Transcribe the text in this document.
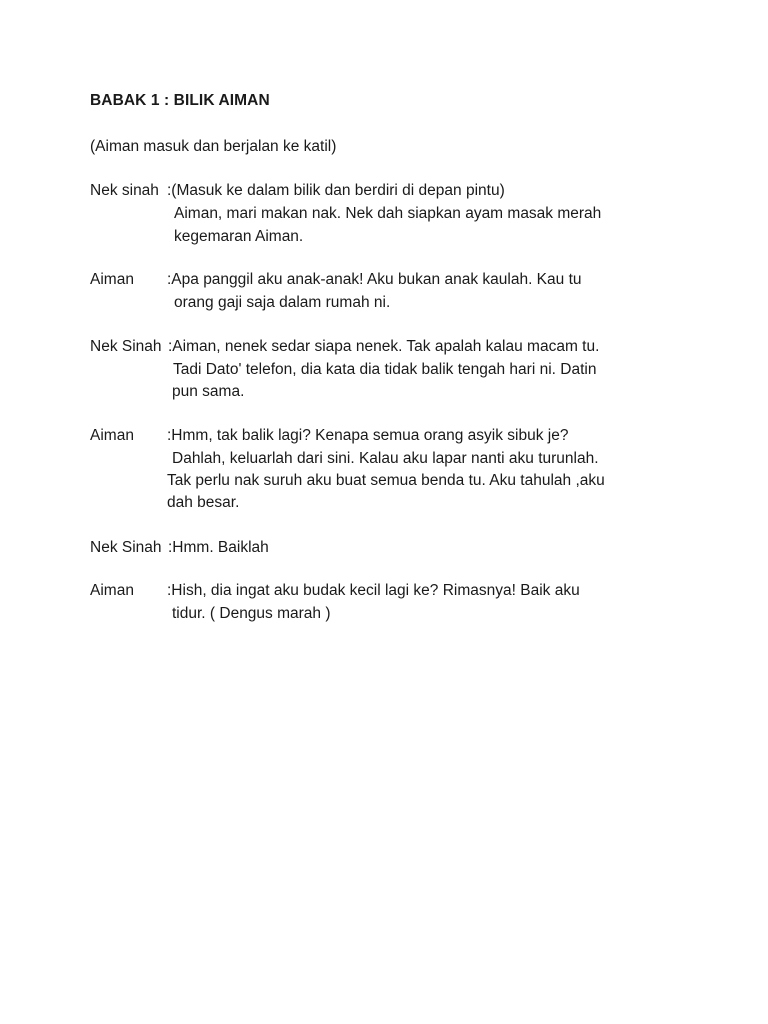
BABAK 1 : BILIK AIMAN
(Aiman masuk dan berjalan ke katil)
Nek sinah :(Masuk ke dalam bilik dan berdiri di depan pintu)
Aiman, mari makan nak. Nek dah siapkan ayam masak merah
kegemaran Aiman.
Aiman :Apa panggil aku anak-anak! Aku bukan anak kaulah. Kau tu
orang gaji saja dalam rumah ni.
Nek Sinah :Aiman, nenek sedar siapa nenek. Tak apalah kalau macam tu.
Tadi Dato' telefon, dia kata dia tidak balik tengah hari ni. Datin
pun sama.
Aiman :Hmm, tak balik lagi? Kenapa semua orang asyik sibuk je?
Dahlah, keluarlah dari sini. Kalau aku lapar nanti aku turunlah.
Tak perlu nak suruh aku buat semua benda tu. Aku tahulah ,aku
dah besar.
Nek Sinah :Hmm. Baiklah
Aiman :Hish, dia ingat aku budak kecil lagi ke? Rimasnya! Baik aku
tidur. ( Dengus marah )
